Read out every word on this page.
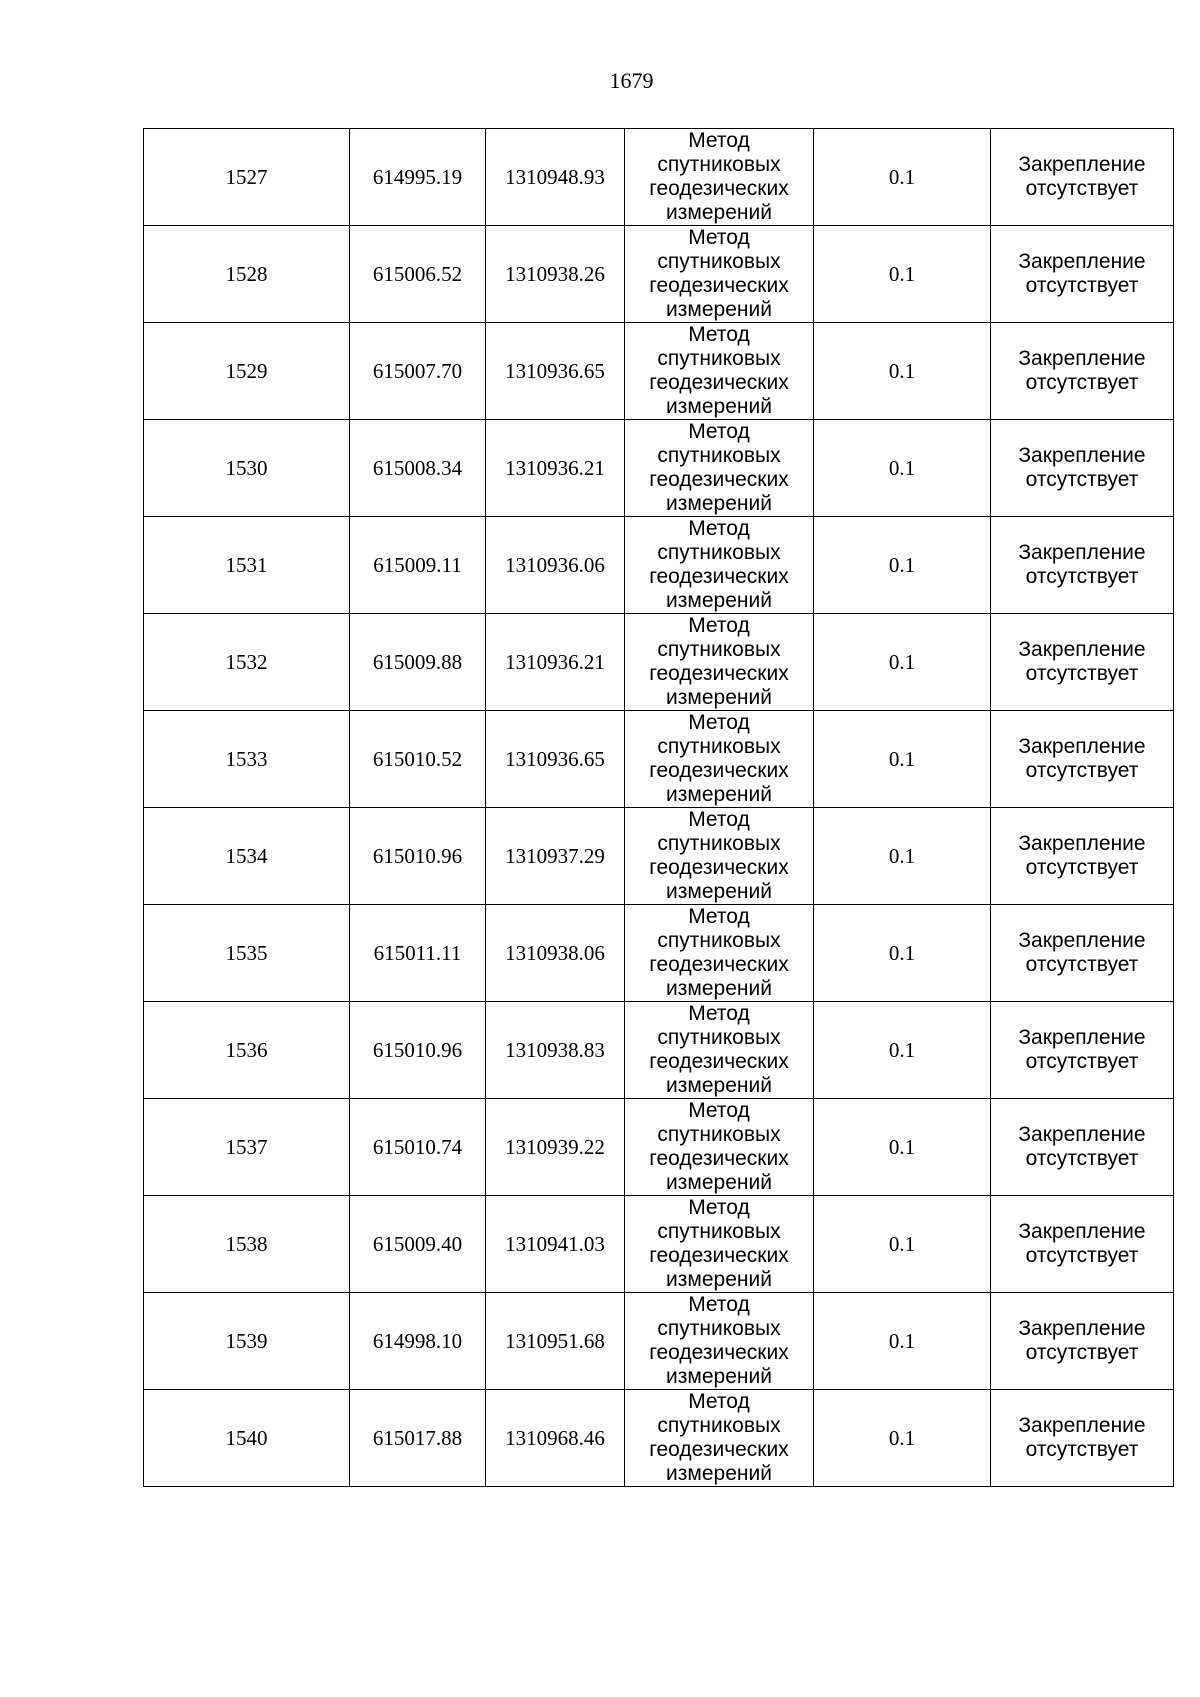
1679
1527	614995.19	1310948.93	Метод
спутниковых
геодезических
измерений	0.1	Закрепление
отсутствует

1528	615006.52	1310938.26	Метод
спутниковых
геодезических
измерений	0.1	Закрепление
отсутствует

1529	615007.70	1310936.65	Метод
спутниковых
геодезических
измерений	0.1	Закрепление
отсутствует

1530	615008.34	1310936.21	Метод
спутниковых
геодезических
измерений	0.1	Закрепление
отсутствует

1531	615009.11	1310936.06	Метод
спутниковых
геодезических
измерений	0.1	Закрепление
отсутствует

1532	615009.88	1310936.21	Метод
спутниковых
геодезических
измерений	0.1	Закрепление
отсутствует

1533	615010.52	1310936.65	Метод
спутниковых
геодезических
измерений	0.1	Закрепление
отсутствует

1534	615010.96	1310937.29	Метод
спутниковых
геодезических
измерений	0.1	Закрепление
отсутствует

1535	615011.11	1310938.06	Метод
спутниковых
геодезических
измерений	0.1	Закрепление
отсутствует

1536	615010.96	1310938.83	Метод
спутниковых
геодезических
измерений	0.1	Закрепление
отсутствует

1537	615010.74	1310939.22	Метод
спутниковых
геодезических
измерений	0.1	Закрепление
отсутствует

1538	615009.40	1310941.03	Метод
спутниковых
геодезических
измерений	0.1	Закрепление
отсутствует

1539	614998.10	1310951.68	Метод
спутниковых
геодезических
измерений	0.1	Закрепление
отсутствует

1540	615017.88	1310968.46	Метод
спутниковых
геодезических
измерений	0.1	Закрепление
отсутствует
